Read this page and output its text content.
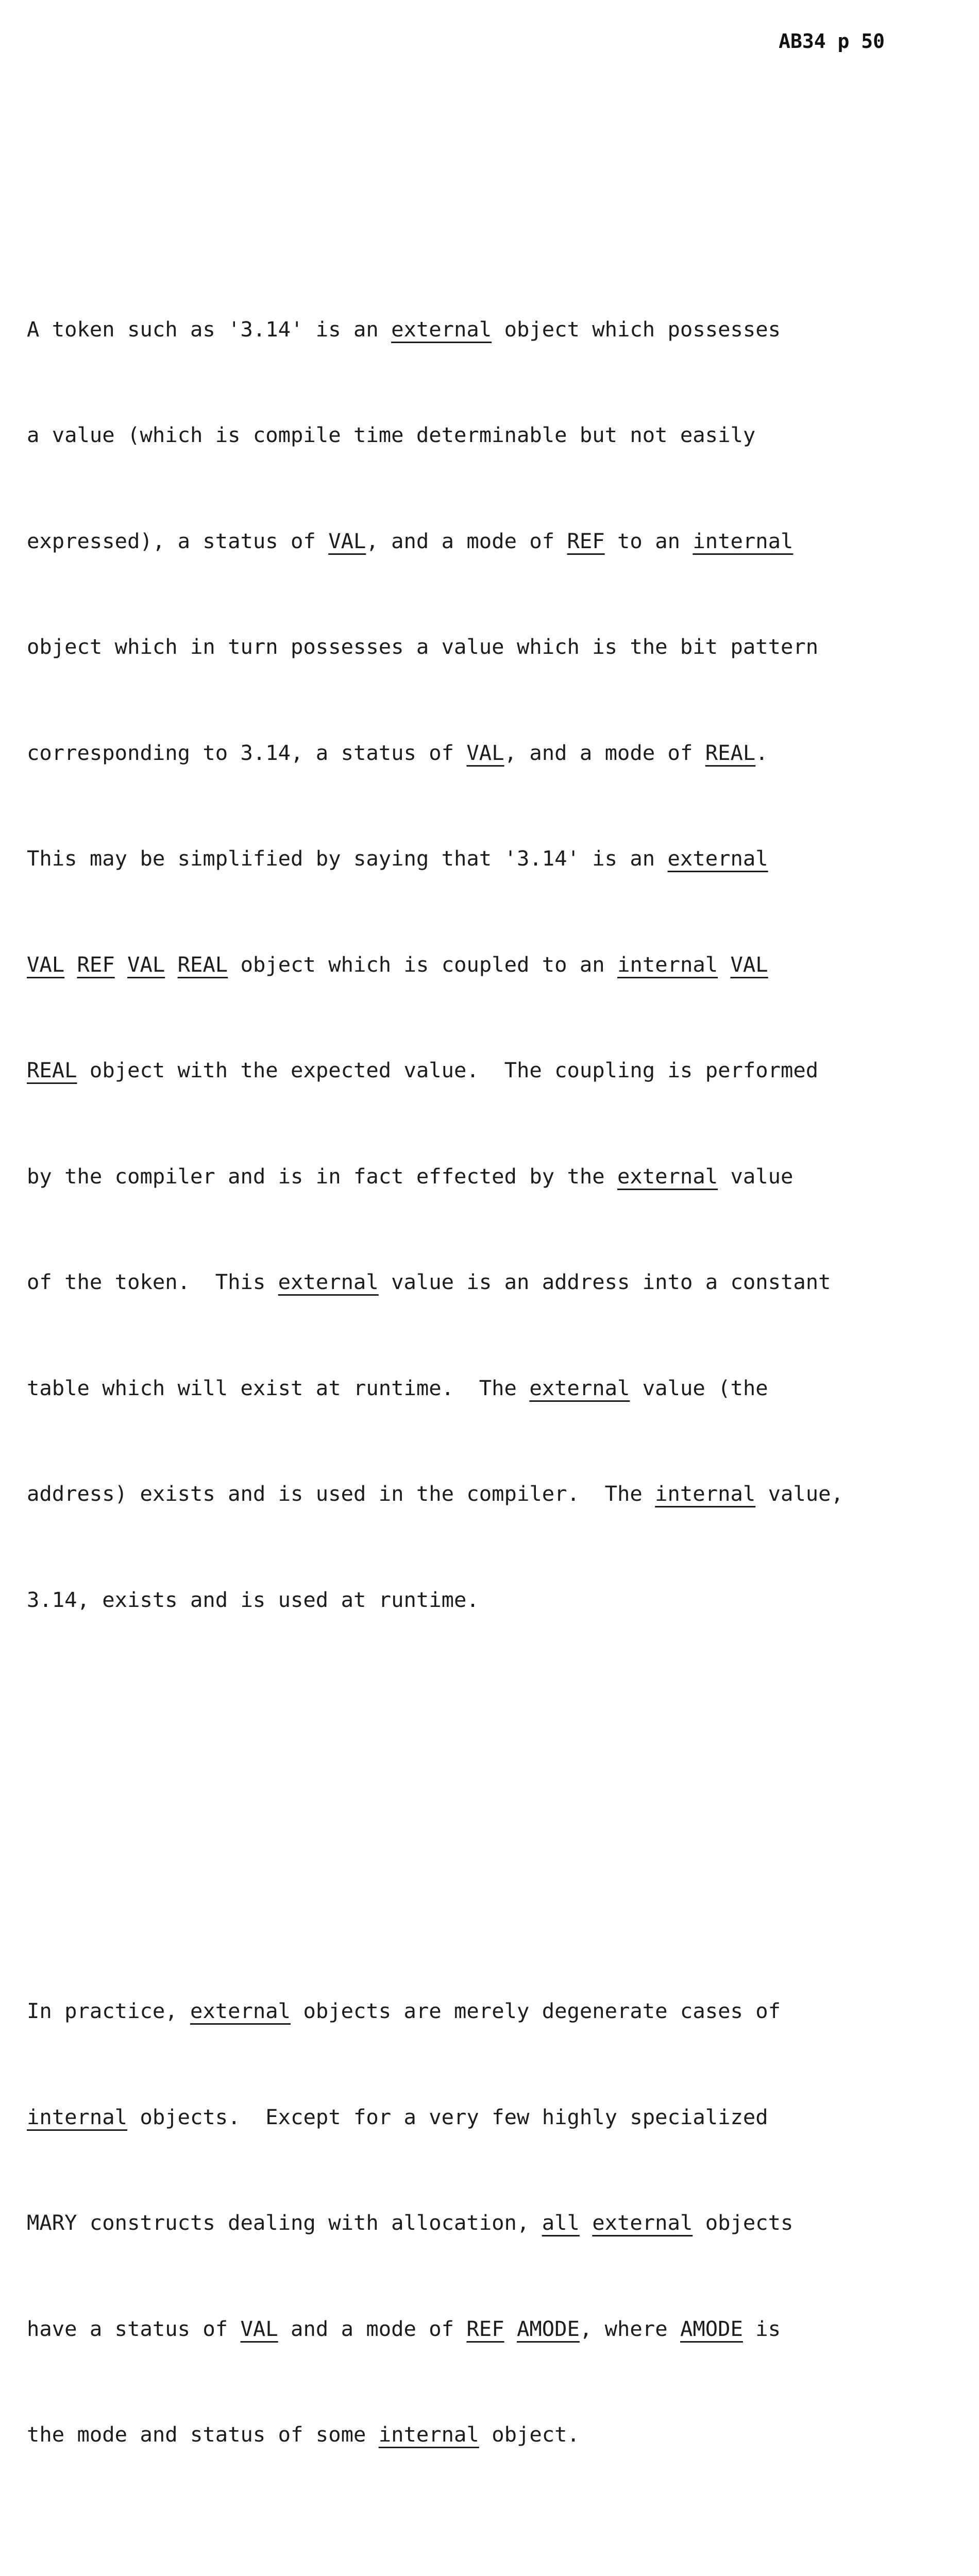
AB34 p 50

A token such as '3.14' is an external object which possesses

a value (which is compile time determinable but not easily

expressed), a status of VAL, and a mode of REF to an internal

object which in turn possesses a value which is the bit pattern

corresponding to 3.14, a status of VAL, and a mode of REAL.

This may be simplified by saying that '3.14' is an external

VAL REF VAL REAL object which is coupled to an internal VAL

REAL object with the expected value.  The coupling is performed

by the compiler and is in fact effected by the external value

of the token.  This external value is an address into a constant

table which will exist at runtime.  The external value (the

address) exists and is used in the compiler.  The internal value,

3.14, exists and is used at runtime.

In practice, external objects are merely degenerate cases of

internal objects.  Except for a very few highly specialized

MARY constructs dealing with allocation, all external objects

have a status of VAL and a mode of REF AMODE, where AMODE is

the mode and status of some internal object.
